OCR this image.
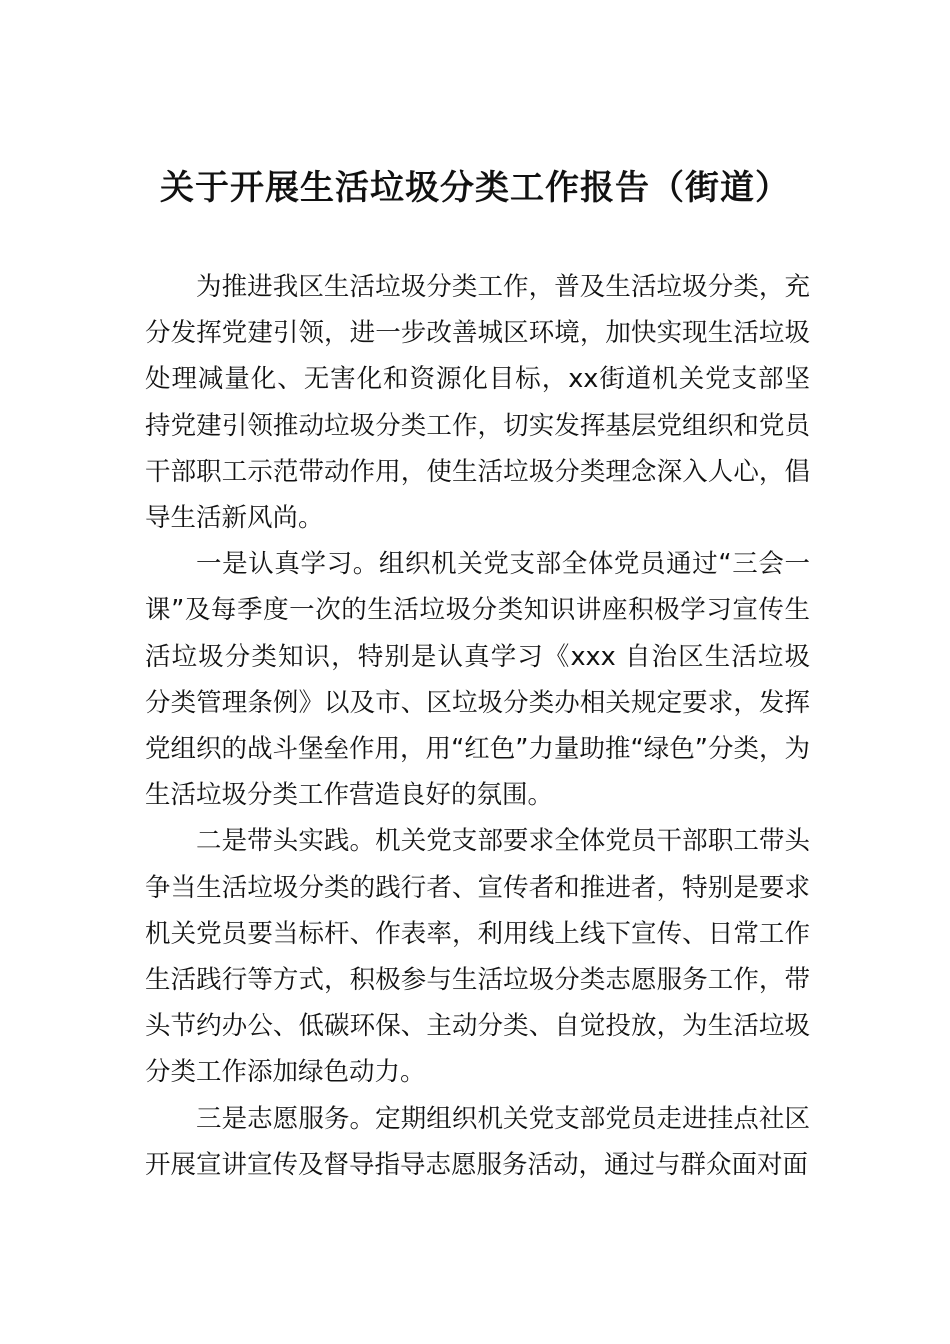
关于开展生活垃圾分类工作报告（街道）

为推进我区生活垃圾分类工作，普及生活垃圾分类，充分发挥党建引领，进一步改善城区环境，加快实现生活垃圾处理减量化、无害化和资源化目标，xx街道机关党支部坚持党建引领推动垃圾分类工作，切实发挥基层党组织和党员干部职工示范带动作用，使生活垃圾分类理念深入人心，倡导生活新风尚。

一是认真学习。组织机关党支部全体党员通过“三会一课”及每季度一次的生活垃圾分类知识讲座积极学习宣传生活垃圾分类知识，特别是认真学习《xxx 自治区生活垃圾分类管理条例》以及市、区垃圾分类办相关规定要求，发挥党组织的战斗堡垒作用，用“红色”力量助推“绿色”分类，为生活垃圾分类工作营造良好的氛围。

二是带头实践。机关党支部要求全体党员干部职工带头争当生活垃圾分类的践行者、宣传者和推进者，特别是要求机关党员要当标杆、作表率，利用线上线下宣传、日常工作生活践行等方式，积极参与生活垃圾分类志愿服务工作，带头节约办公、低碳环保、主动分类、自觉投放，为生活垃圾分类工作添加绿色动力。

三是志愿服务。定期组织机关党支部党员走进挂点社区开展宣讲宣传及督导指导志愿服务活动，通过与群众面对面
